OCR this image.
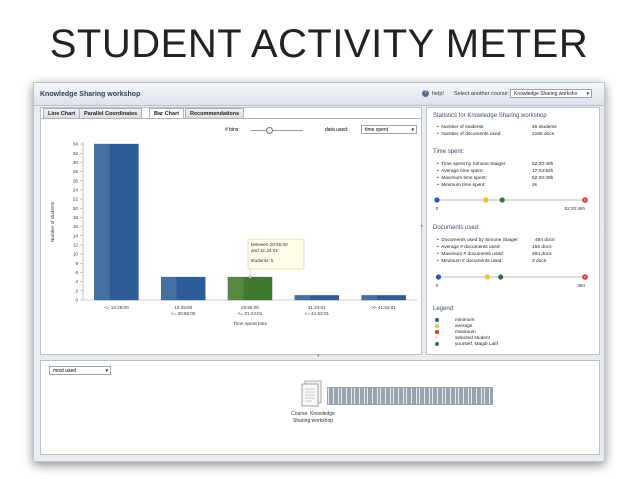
STUDENT ACTIVITY METER
Knowledge Sharing workshop	? help! Select another course: Knowledge Sharing worksho ▾
Line Chart	Parallel Coordinates	Bar Chart	Recommendations
# bins:	data used:	time spent	▾
0
2
4
6
8
10
12
14
16
18
20
22
24
26
28
30
32
34
Number of students
<= 10:28:00	10:28:00
<= 20:56:00
20:56:00
<= 31:24:01
31:24:01
<= 41:52:01
>> 41:52:01
Time spent bins
between 20:56:00
and 31:24:01
students: 5
◂
▾
Statistics for Knowledge Sharing workshop
•  Number of students:	46 students
•  Number of documents used:	4165 docs
Time spent:
•  Time spent by Simone Staiger:	52:20:49h
•  Average time spent:	17:03:52h
•  Maximum time spent:	52:20:49h
•  Minimum time spent:	2s
×
0	52:20:49h
Documents used:
•  Documents used by Simone Staiger:	484 docs
•  Average # documents used:	166 docs
•  Maximum # documents used:	484 docs
•  Minimum # documents used:	3 docs
×
0	484
Legend:
minimum
average
maximum
×	selected student
yourself, Magdi Latif
most used	▾
Course: Knowledge
Sharing workshop
